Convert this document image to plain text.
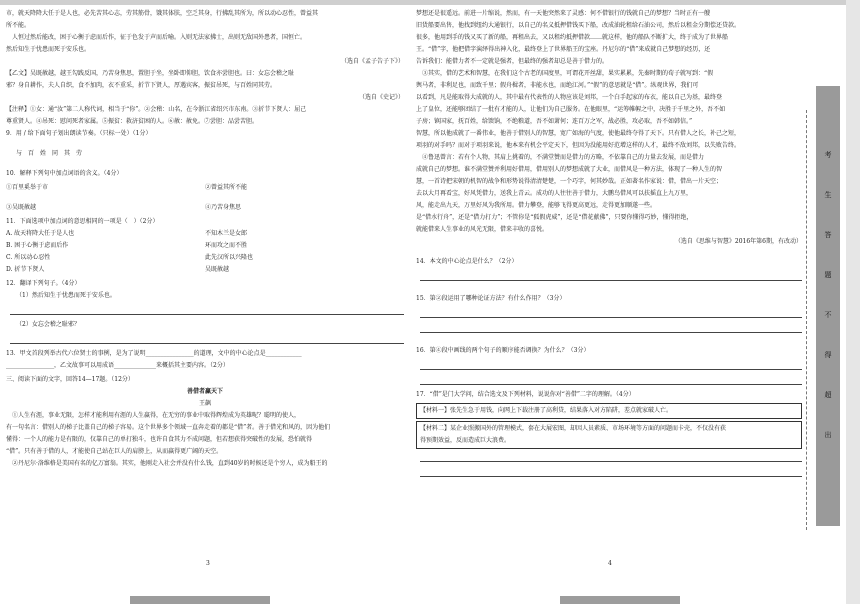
市，就天降降大任于是人也，必先苦其心志，劳其筋骨，饿其体肤，空乏其身，行拂乱其所为，所以动心忍性，曾益其
所不能。
　人恒过然后能改，困于心衡于虑而后作，征于色发于声而后喻。入则无法家拂士，出则无敌国外患者，国恒亡。
然后知生于忧患而死于安乐也。
（选自《孟子告子下》）
【乙文】吴既赦越，越王勾践反国，乃苦身焦思，置胆于坐，坐卧即仰胆，饮食亦尝胆也。曰：女忘会稽之耻
邪？身自耕作，夫人自织，食不加肉，衣不重采，折节下贤人，厚遇宾客，振贫吊死，与百姓同其劳。
（选自《史记》）
【注释】①女：通“汝”第二人称代词，相当于“你”。②会稽：山名，在今浙江省绍兴市东南。③折节下贤人：屈己
尊重贤人。④吊死：慰问死者家属。⑤振贫：救济贫困的人。⑥赦：赦免。⑦尝胆：品尝苦胆。
9．用 / 给下面句子划出朗读节奏。（只标一处）（1分）
与　百　姓　同　其　劳
10．解释下列句中加点词语的含义。（4分）
①百里奚举于市	②曾益其所不能
③吴既赦越	④乃苦身焦思
11．下面选项中加点词的意思相同的一项是（　）（2分）
A. 故天将降大任于是人也	不知木兰是女郎
B. 困于心衡于虑而后作	环而攻之而不胜
C. 所以动心忍性	此先汉所以兴隆也
D. 折节下贤人	吴既赦越
12．翻译下列句子。（4分）
（1）然后知生于忧患而死于安乐也。
（2）女忘会稽之耻邪？
13．甲文首段列举古代六位贤士的事例，是为了说明________________的道理，文中的中心论点是____________
________________，乙文故事可以用成语______________来概括其主要内容。（2分）
三、阅读下面的文字，回答14—17题。（12分）
善借者赢天下
王飙
　①人生有涯，事业无限，怎样才能利用有涯的人生赢得，在无穷的事业中取得辉煌成为英雄呢？聪明的使人，
有一句名言：借别人的梯子比盖自己的梯子容易。这个世界多个领域一直奔走着的都是“借”者。善于借光和风的，因为他们
懂得：一个人的能力是有限的，仅靠自己的单打独斗，也许自食其力不成问题，但若想获得突破性的发展，恐怕就得
“借”。只有善于借的人，才能使自己站在巨人的肩膀上，从而赢得更广阔的天空。
　②丹尼尔·洛维格是美国有名的亿万富翁。其实，他刚走入社会并没有什么钱，直到40岁的时候还是个穷人，成为船王的
3
梦想还是很遥远。前进一片缩说，然而，有一天他突然来了灵感：何不借银行的钱就自己的梦想？当时正有一艘
旧货船要出售，他找到纽约大通银行，以自己的名义抵押借钱买下船，改成油轮租给石油公司，然后以租金分期偿还贷款。
很多，他用到手的钱又买了新的船，再租出去，又以租约抵押借款……就这样，他的船队不断扩大，终于成为了世界船
王。“借”字，他把借字演绎得出神入化，最终登上了世界船王的宝座。丹尼尔的“借”来成就自己梦想的经历，还
告诉我们：能借力者不一定就是强者，但最终的强者却总是善于借力的。
　③其实，借的艺术和智慧，在我们这个古老的国度里，可谓花开丝甜，果实累累，先秦时期的荀子就写到：“假
舆马者，非利足也，而致千里；假舟楫者，非能水也，而绝江河。”“假”的意思就是“借”。纵观世界，我们可
以看到，凡是能取得大成就的人，其中最有代表性的人物应该是刘邦，一个白手起家的布衣，能以自己为基，最终登
上了皇位，还能够团结了一批有才能的人，让他们为自己服务。在他眼里，“运筹帷幄之中，决胜于千里之外，吾不如
子房；镇国家，抚百姓，给馈饷，不绝粮道，吾不如萧何；连百万之军，战必胜，攻必取，吾不如韩信。”
智慧，所以他成就了一番伟业，他善于借别人的智慧，宽广如海的气度，使他最终夺得了天下。只有借人之长，补己之短，
项羽的对手吗？而对于项羽来说，他本来有机会平定天下，但因为没能用好范增这样的人才，最终不敌刘邦，以失败告终。
　④鲁迅曾言：若有个人物，其肩上挑着的，不满堂赞而是借力的方略，不依靠自己的力量去发展，而是借力
成就自己的梦想。谁不满堂赞并利用好借用，借用别人的梦想成就了大业，而借风是一种方法，体现了一种人生的智
慧，一首诗把宋朝的机智的战争和形势说得清清楚楚，一个巧字，何其妙哉。正如著名作家说：借，借出一片天空；
去以大月再看宝，好风凭借力，送我上青云。成功的人往往善于借力，大鹏鸟借风可以扶摇直上九万里，
风，能走出九天，万里好风为我所用。借力攀登，能够飞得更高更远，走得更加顺遂一些。
是“借水行舟”，还是“借力打力”；不管你是“狐假虎威”，还是“借花献佛”，只要你懂得巧妙，懂得拒绝，
就能借来人生事业的风光无限，借来丰收的喜悦。
（选自《思维与智慧》2016年第6期，有改动）
14．本文的中心论点是什么？（2分）
15．第②段运用了哪种论证方法？有什么作用？（3分）
16．第④段中画线的两个句子的顺序能否调换？为什么？（3分）
17．“借”是门大学问，结合选文及下列材料，说说你对“善借”二字的理解。（4分）
【材料一】张先生急于用钱，向网上下载注册了高利贷，结果落入对方陷阱，差点就家破人亡。
【材料二】某企业照搬国外的管理模式，套在大展宏图，却因人员素质、市场环境等方面的问题而卡壳，不仅没有获
得预期效益，反而造成巨大浪费。
4
考
生
答
题
不
得
超
出
